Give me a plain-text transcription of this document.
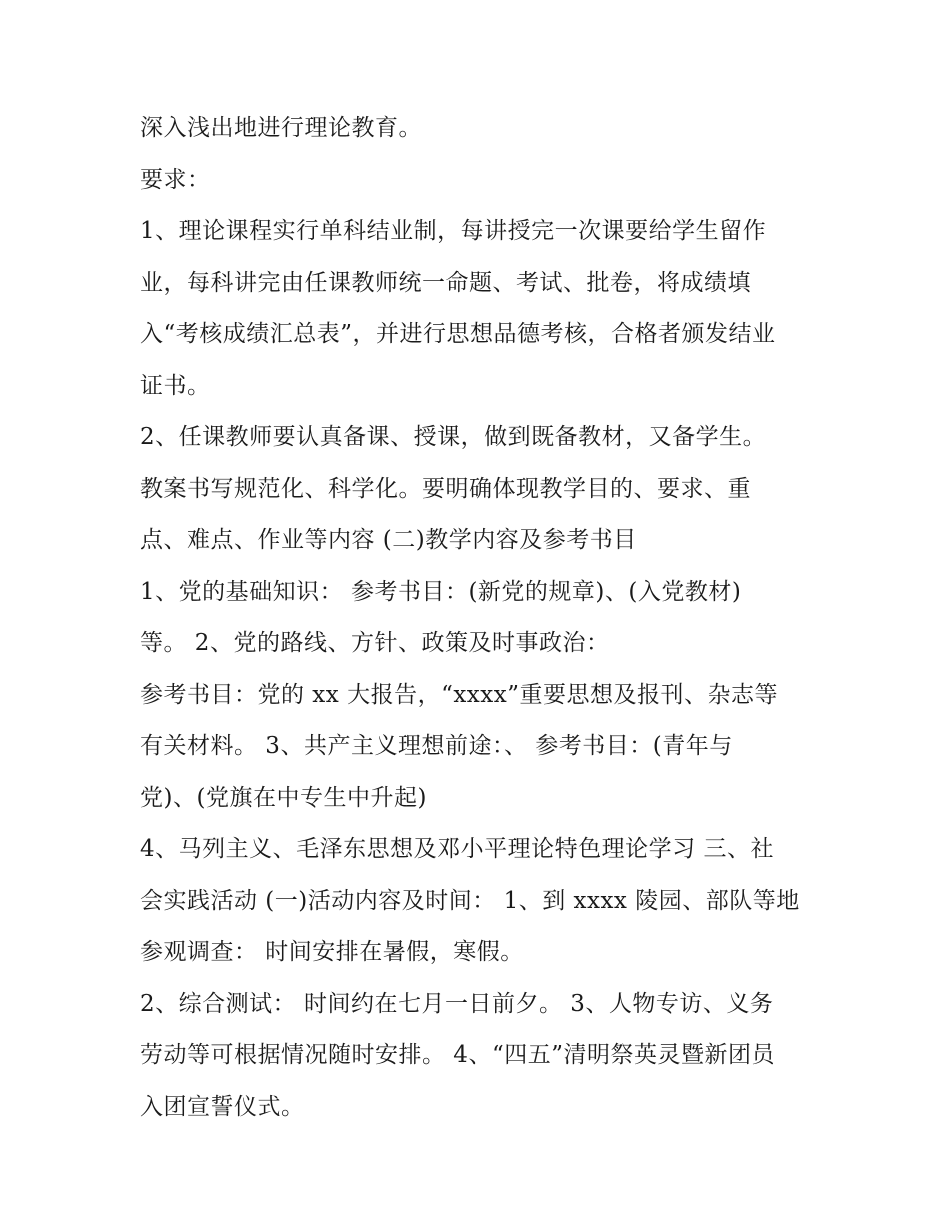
深入浅出地进行理论教育。
要求：
1、理论课程实行单科结业制，每讲授完一次课要给学生留作
业，每科讲完由任课教师统一命题、考试、批卷，将成绩填
入“考核成绩汇总表”，并进行思想品德考核，合格者颁发结业
证书。
2、任课教师要认真备课、授课，做到既备教材，又备学生。
教案书写规范化、科学化。要明确体现教学目的、要求、重
点、难点、作业等内容 (二)教学内容及参考书目
1、党的基础知识： 参考书目：(新党的规章)、(入党教材)
等。 2、党的路线、方针、政策及时事政治：
参考书目：党的 xx 大报告，“xxxx”重要思想及报刊、杂志等
有关材料。 3、共产主义理想前途：、 参考书目：(青年与
党)、(党旗在中专生中升起)
4、马列主义、毛泽东思想及邓小平理论特色理论学习 三、社
会实践活动 (一)活动内容及时间： 1、到 xxxx 陵园、部队等地
参观调查： 时间安排在暑假，寒假。
2、综合测试： 时间约在七月一日前夕。 3、人物专访、义务
劳动等可根据情况随时安排。 4、“四五”清明祭英灵暨新团员
入团宣誓仪式。
